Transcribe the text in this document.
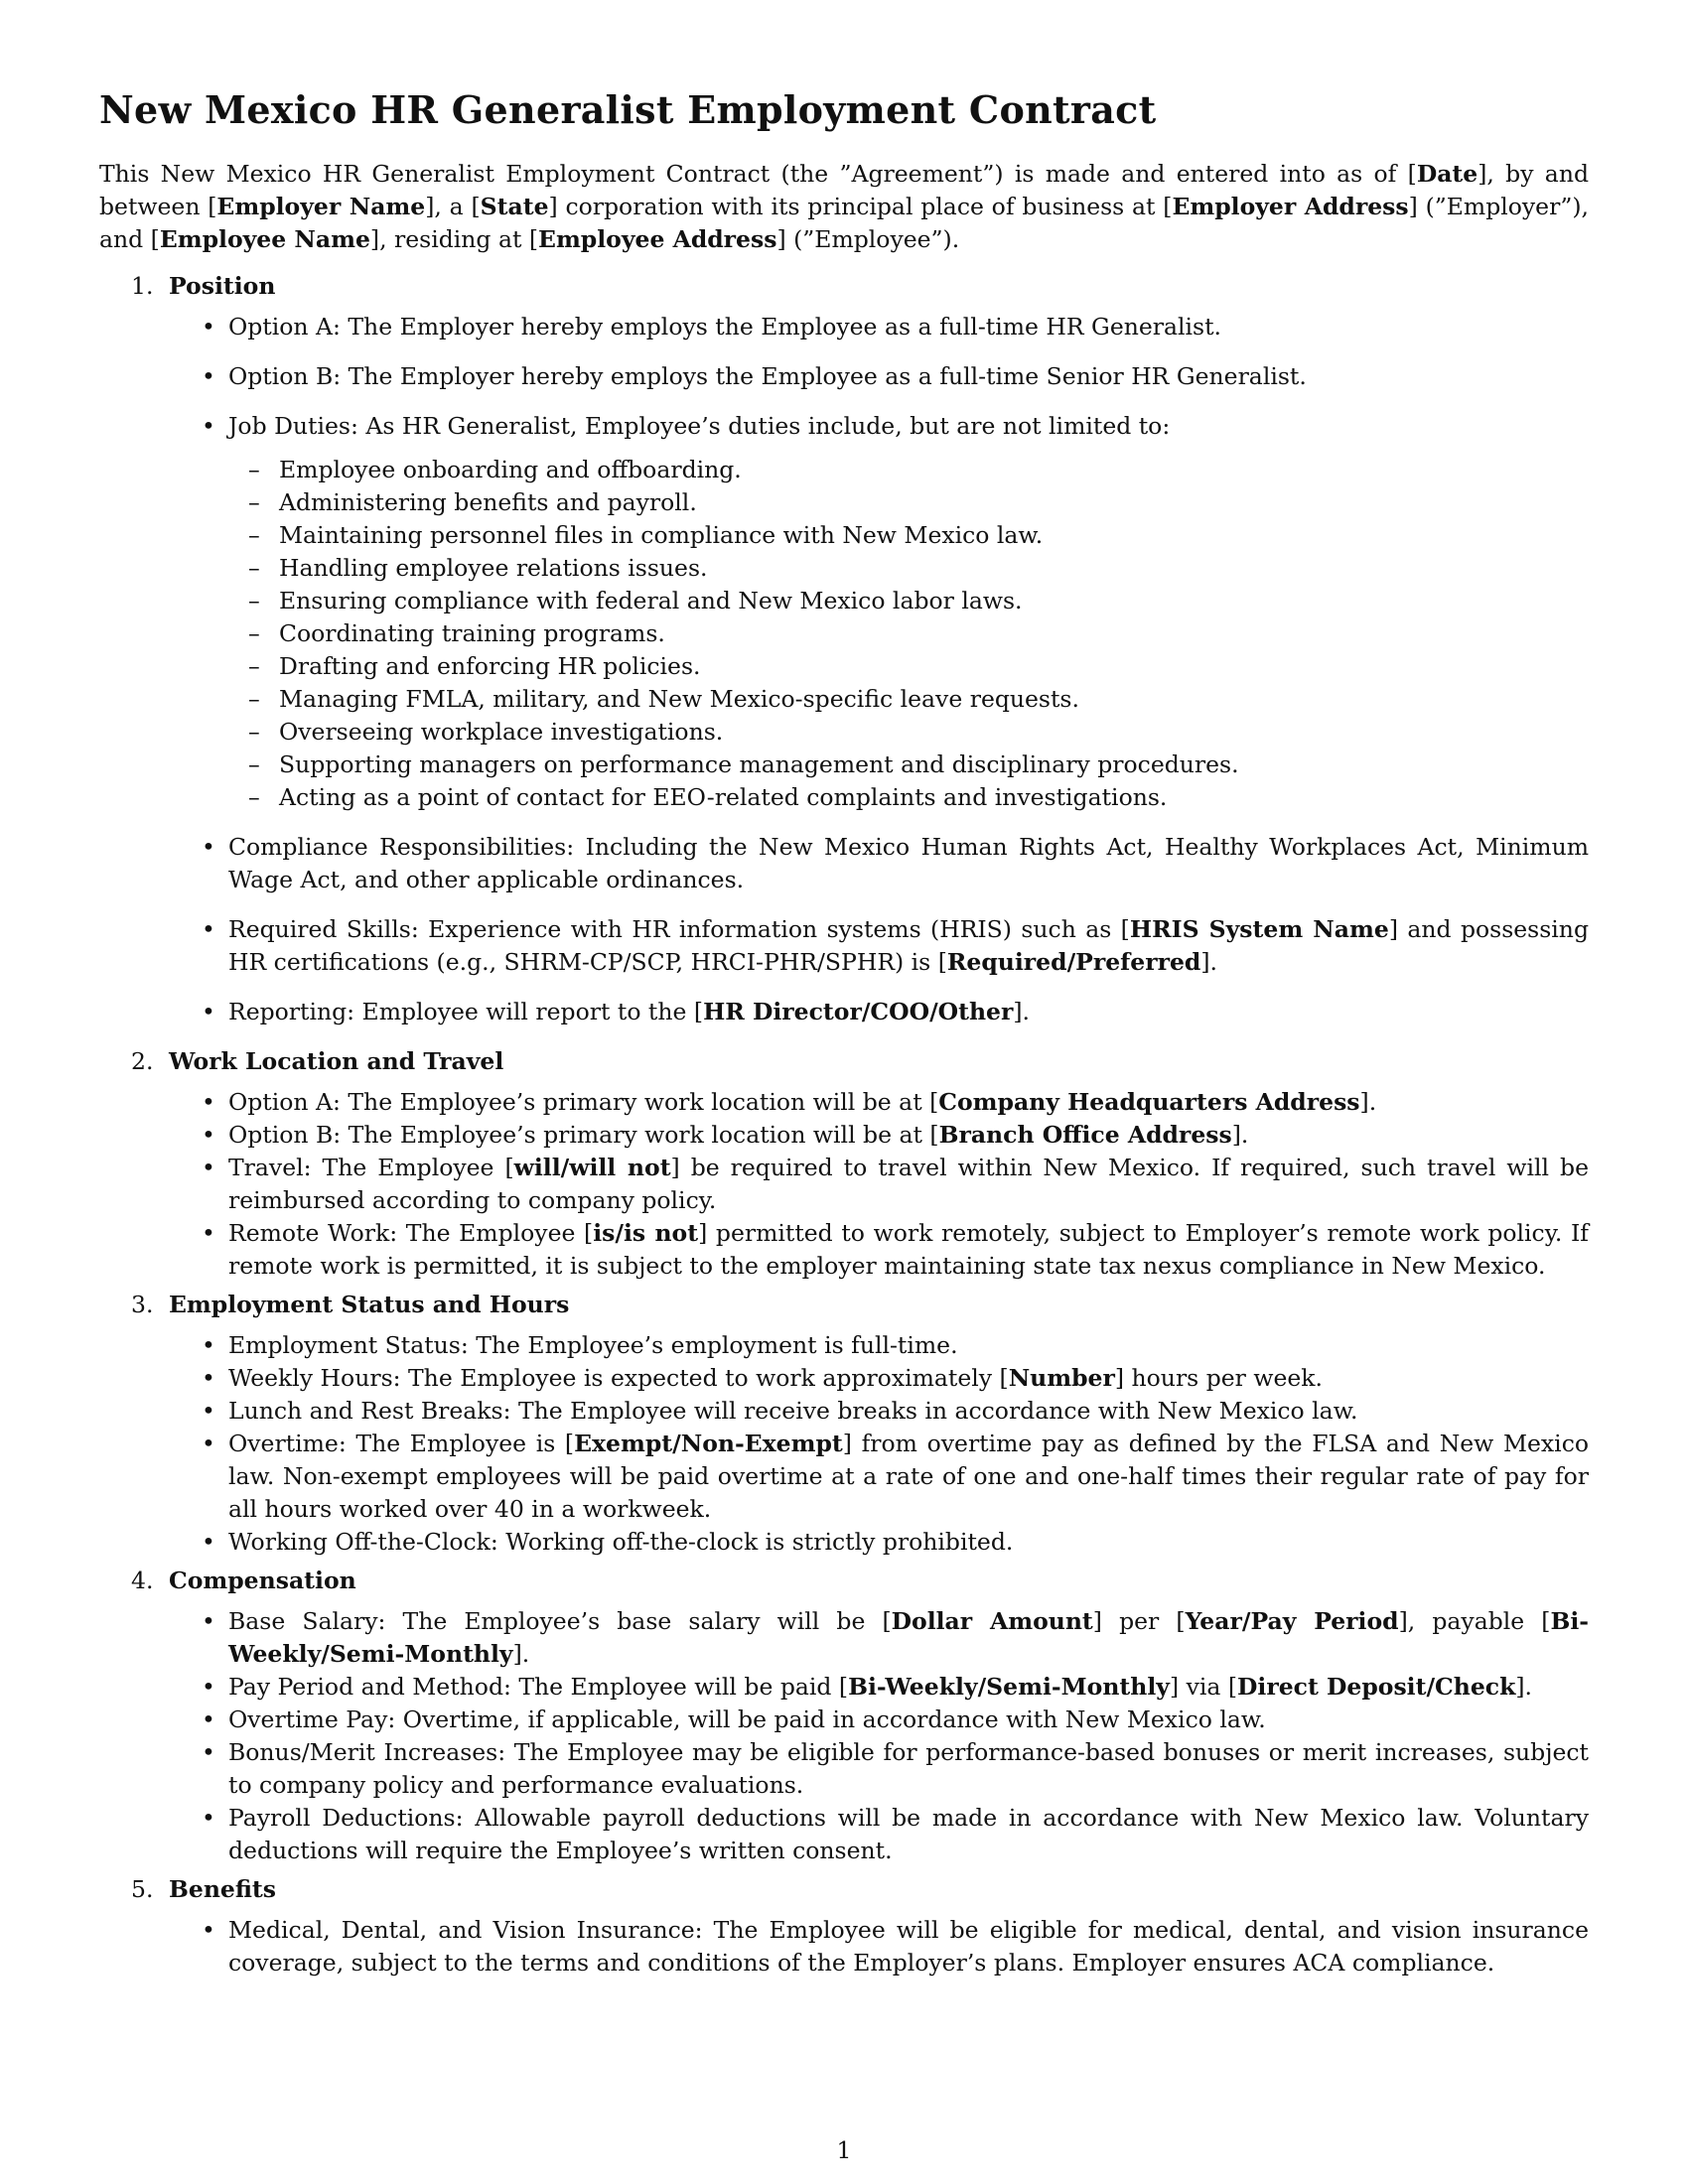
New Mexico HR Generalist Employment Contract

This New Mexico HR Generalist Employment Contract (the ”Agreement”) is made and entered into as of [Date], by and between [Employer Name], a [State] corporation with its principal place of business at [Employer Address] (”Employer”), and [Employee Name], residing at [Employee Address] (”Employee”).

1. Position
• Option A: The Employer hereby employs the Employee as a full-time HR Generalist.
• Option B: The Employer hereby employs the Employee as a full-time Senior HR Generalist.
• Job Duties: As HR Generalist, Employee’s duties include, but are not limited to:
– Employee onboarding and offboarding.
– Administering benefits and payroll.
– Maintaining personnel files in compliance with New Mexico law.
– Handling employee relations issues.
– Ensuring compliance with federal and New Mexico labor laws.
– Coordinating training programs.
– Drafting and enforcing HR policies.
– Managing FMLA, military, and New Mexico-specific leave requests.
– Overseeing workplace investigations.
– Supporting managers on performance management and disciplinary procedures.
– Acting as a point of contact for EEO-related complaints and investigations.
• Compliance Responsibilities: Including the New Mexico Human Rights Act, Healthy Workplaces Act, Minimum Wage Act, and other applicable ordinances.
• Required Skills: Experience with HR information systems (HRIS) such as [HRIS System Name] and possessing HR certifications (e.g., SHRM-CP/SCP, HRCI-PHR/SPHR) is [Required/Preferred].
• Reporting: Employee will report to the [HR Director/COO/Other].
2. Work Location and Travel
• Option A: The Employee’s primary work location will be at [Company Headquarters Address].
• Option B: The Employee’s primary work location will be at [Branch Office Address].
• Travel: The Employee [will/will not] be required to travel within New Mexico. If required, such travel will be reimbursed according to company policy.
• Remote Work: The Employee [is/is not] permitted to work remotely, subject to Employer’s remote work policy. If remote work is permitted, it is subject to the employer maintaining state tax nexus compliance in New Mexico.
3. Employment Status and Hours
• Employment Status: The Employee’s employment is full-time.
• Weekly Hours: The Employee is expected to work approximately [Number] hours per week.
• Lunch and Rest Breaks: The Employee will receive breaks in accordance with New Mexico law.
• Overtime: The Employee is [Exempt/Non-Exempt] from overtime pay as defined by the FLSA and New Mexico law. Non-exempt employees will be paid overtime at a rate of one and one-half times their regular rate of pay for all hours worked over 40 in a workweek.
• Working Off-the-Clock: Working off-the-clock is strictly prohibited.
4. Compensation
• Base Salary: The Employee’s base salary will be [Dollar Amount] per [Year/Pay Period], payable [Bi-Weekly/Semi-Monthly].
• Pay Period and Method: The Employee will be paid [Bi-Weekly/Semi-Monthly] via [Direct Deposit/Check].
• Overtime Pay: Overtime, if applicable, will be paid in accordance with New Mexico law.
• Bonus/Merit Increases: The Employee may be eligible for performance-based bonuses or merit increases, subject to company policy and performance evaluations.
• Payroll Deductions: Allowable payroll deductions will be made in accordance with New Mexico law. Voluntary deductions will require the Employee’s written consent.
5. Benefits
• Medical, Dental, and Vision Insurance: The Employee will be eligible for medical, dental, and vision insurance coverage, subject to the terms and conditions of the Employer’s plans. Employer ensures ACA compliance.
1
